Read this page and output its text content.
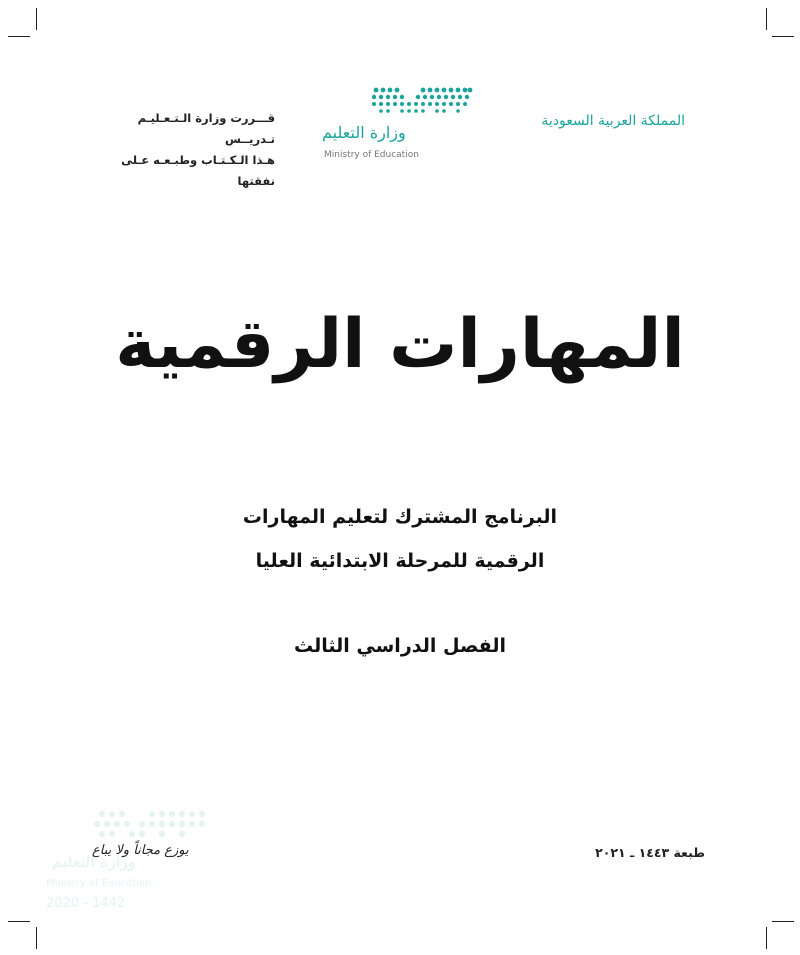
المملكة العربية السعودية
وزارة التعليم
Ministry of Education
قـــررت وزارة الـتـعـليـم تـدريــس
هـذا الـكـتـاب وطبـعـه عـلى نفقتها
المهارات الرقمية
البرنامج المشترك لتعليم المهارات
الرقمية للمرحلة الابتدائية العليا
الفصل الدراسي الثالث
وزارة التعليم
Ministry of Education
2020 - 1442
يوزع مجاناً ولا يباع	طبعة ١٤٤٣ ـ ٢٠٢١
